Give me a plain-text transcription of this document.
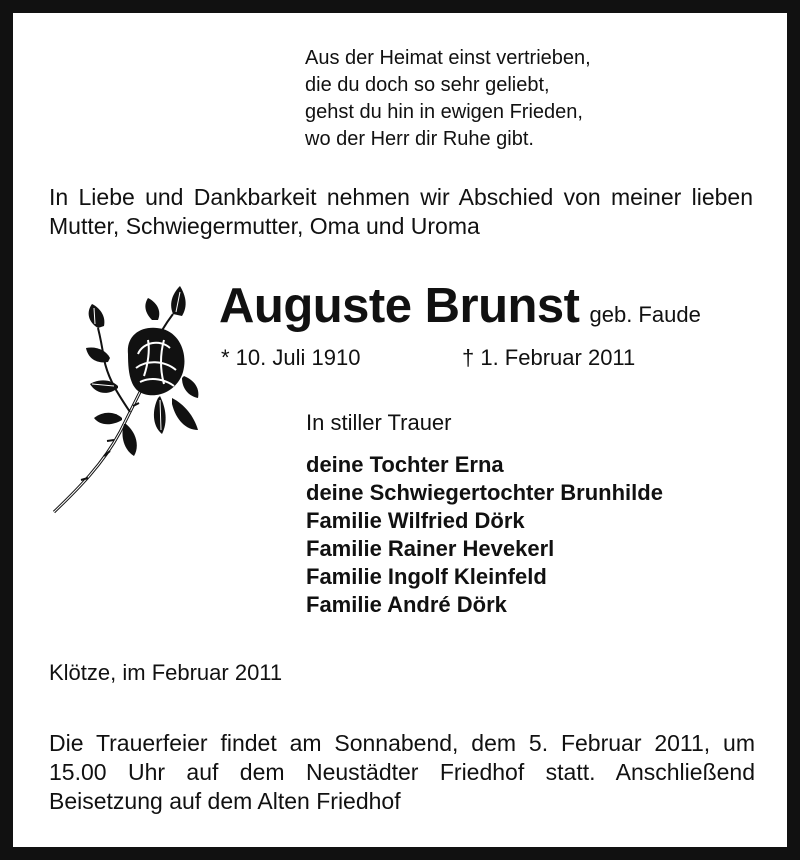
Aus der Heimat einst vertrieben,
die du doch so sehr geliebt,
gehst du hin in ewigen Frieden,
wo der Herr dir Ruhe gibt.
In Liebe und Dankbarkeit nehmen wir Abschied von meiner lieben Mutter, Schwiegermutter, Oma und Uroma
Auguste Brunst geb. Faude
* 10. Juli 1910	† 1. Februar 2011
In stiller Trauer
deine Tochter Erna
deine Schwiegertochter Brunhilde
Familie Wilfried Dörk
Familie Rainer Hevekerl
Familie Ingolf Kleinfeld
Familie André Dörk
Klötze, im Februar 2011
Die Trauerfeier findet am Sonnabend, dem 5. Februar 2011, um 15.00 Uhr auf dem Neustädter Friedhof statt. Anschließend Beisetzung auf dem Alten Friedhof
